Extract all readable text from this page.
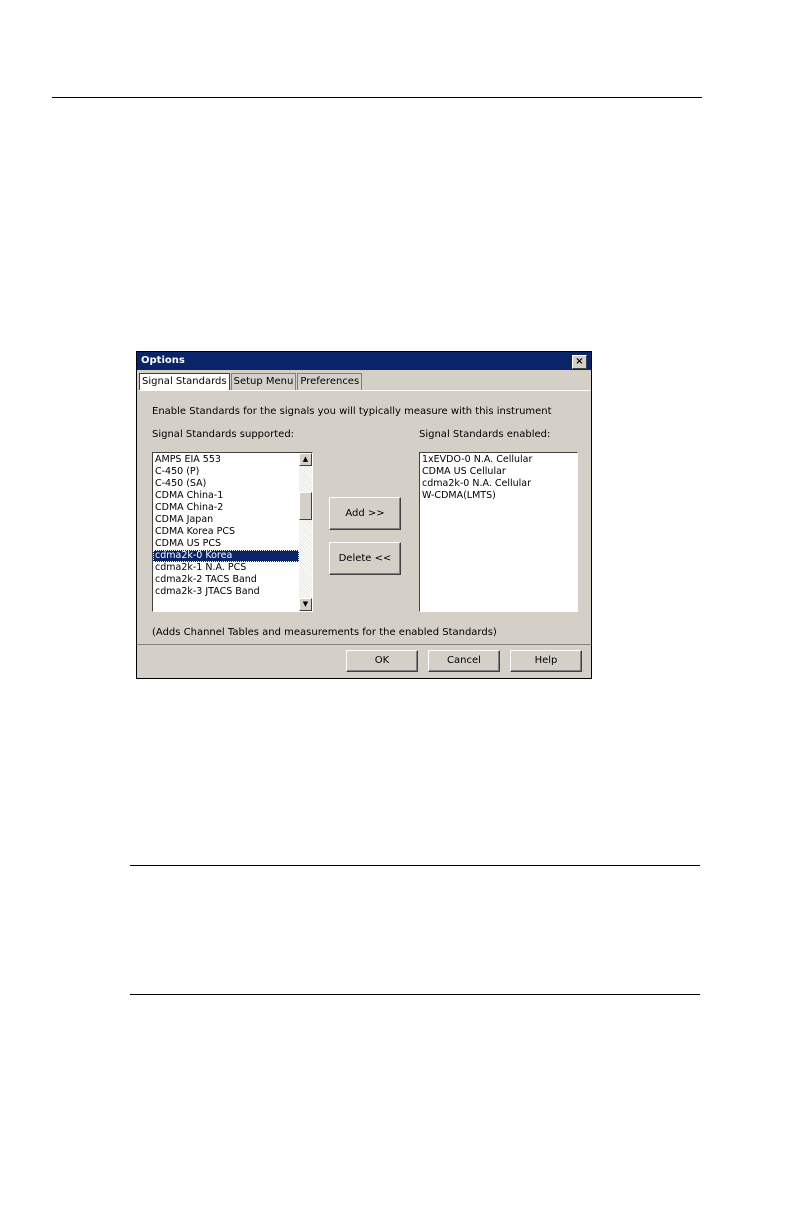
Options	×
Signal Standards Setup Menu Preferences
Enable Standards for the signals you will typically measure with this instrument
Signal Standards supported:	Signal Standards enabled:
AMPS EIA 553
C-450 (P)
C-450 (SA)
CDMA China-1
CDMA China-2
CDMA Japan
CDMA Korea PCS
CDMA US PCS
cdma2k-0 Korea
cdma2k-1 N.A. PCS
cdma2k-2 TACS Band
cdma2k-3 JTACS Band
▲
▼
Add >>
Delete <<
1xEVDO-0 N.A. Cellular
CDMA US Cellular
cdma2k-0 N.A. Cellular
W-CDMA(LMTS)
(Adds Channel Tables and measurements for the enabled Standards)
OK	Cancel	Help
